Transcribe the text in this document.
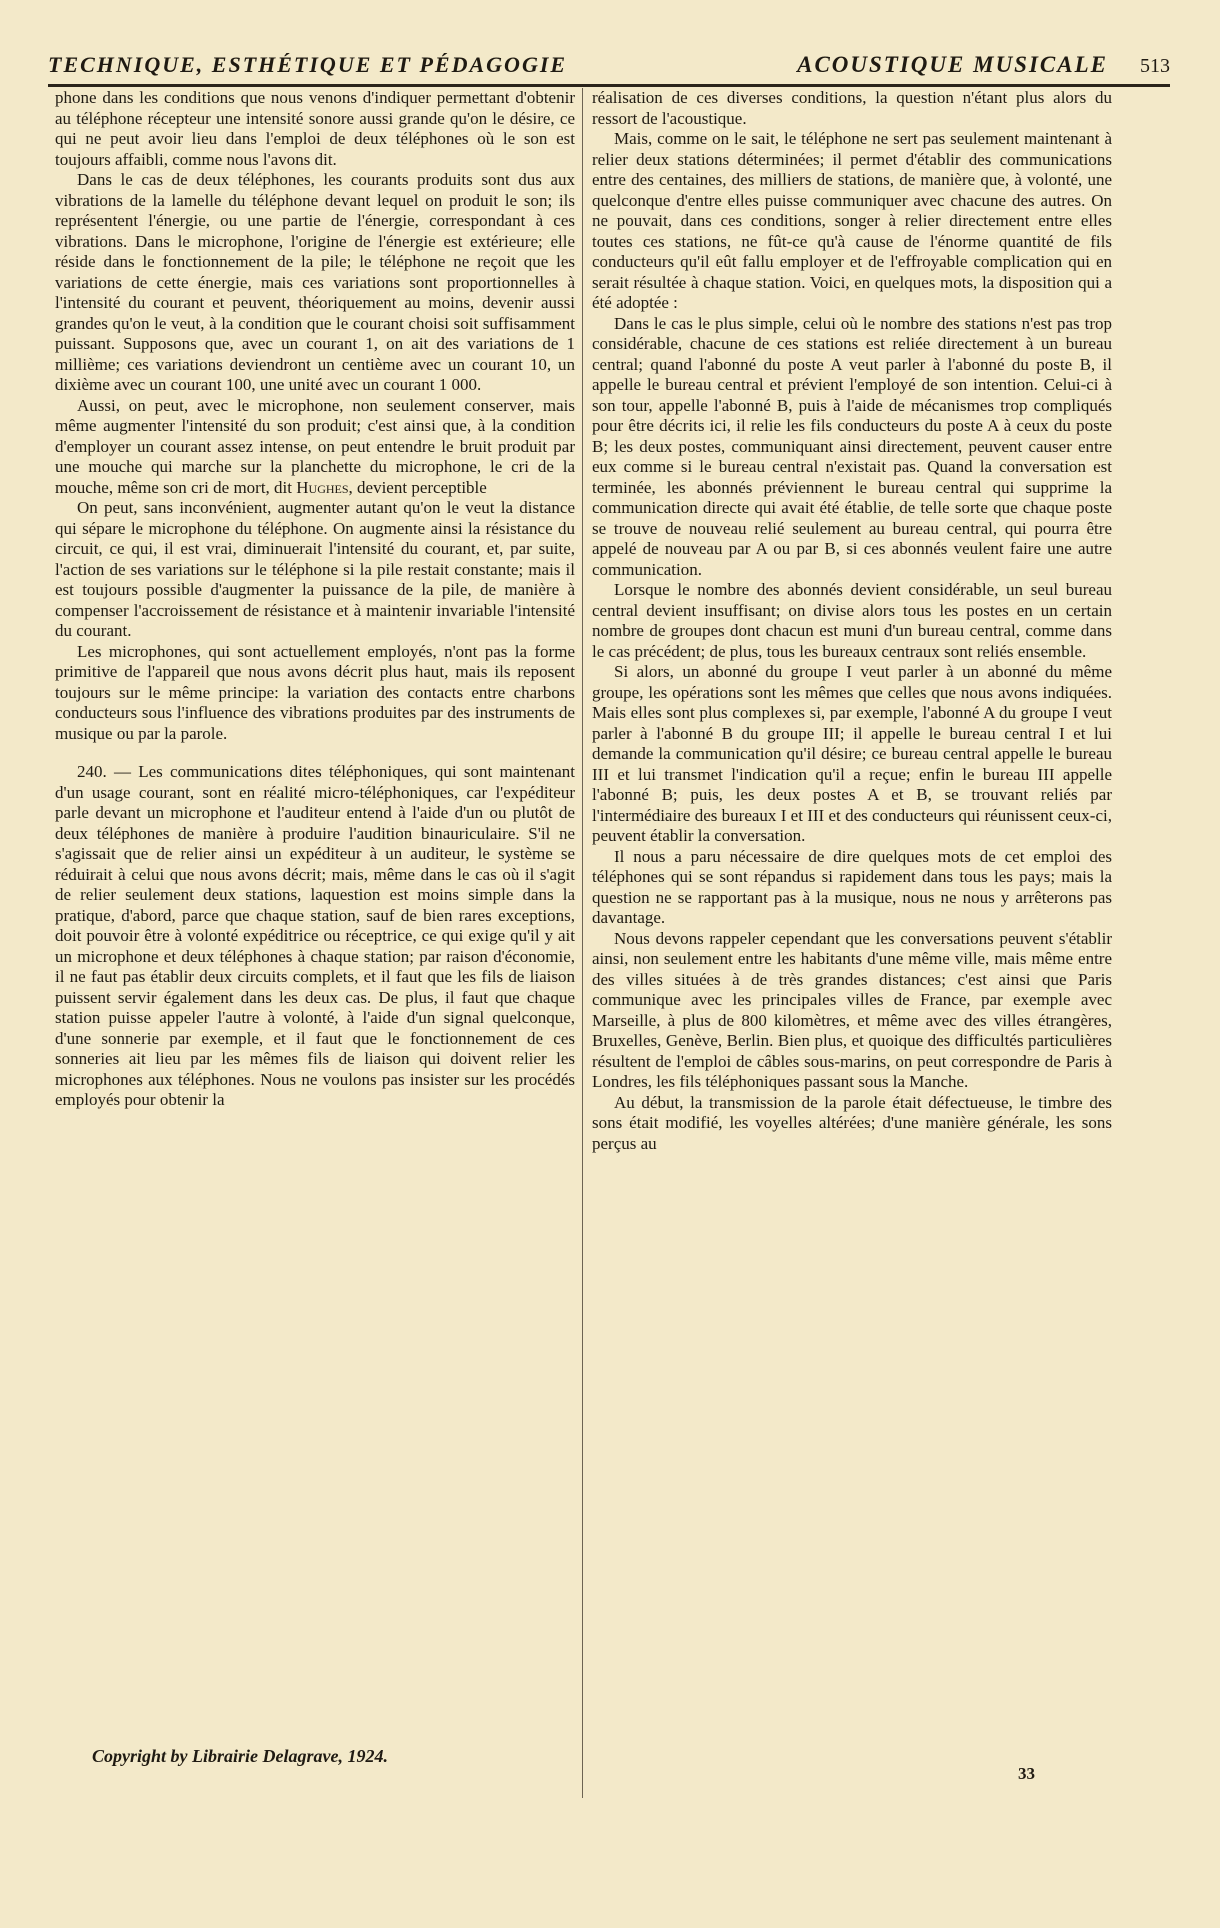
TECHNIQUE, ESTHÉTIQUE ET PÉDAGOGIE	ACOUSTIQUE MUSICALE 513

phone dans les conditions que nous venons d'indiquer permettant d'obtenir au téléphone récepteur une intensité sonore aussi grande qu'on le désire, ce qui ne peut avoir lieu dans l'emploi de deux téléphones où le son est toujours affaibli, comme nous l'avons dit.

Dans le cas de deux téléphones, les courants produits sont dus aux vibrations de la lamelle du téléphone devant lequel on produit le son; ils représentent l'énergie, ou une partie de l'énergie, correspondant à ces vibrations. Dans le microphone, l'origine de l'énergie est extérieure; elle réside dans le fonctionnement de la pile; le téléphone ne reçoit que les variations de cette énergie, mais ces variations sont proportionnelles à l'intensité du courant et peuvent, théoriquement au moins, devenir aussi grandes qu'on le veut, à la condition que le courant choisi soit suffisamment puissant. Supposons que, avec un courant 1, on ait des variations de 1 millième; ces variations deviendront un centième avec un courant 10, un dixième avec un courant 100, une unité avec un courant 1 000.

Aussi, on peut, avec le microphone, non seulement conserver, mais même augmenter l'intensité du son produit; c'est ainsi que, à la condition d'employer un courant assez intense, on peut entendre le bruit produit par une mouche qui marche sur la planchette du microphone, le cri de la mouche, même son cri de mort, dit Hughes, devient perceptible

On peut, sans inconvénient, augmenter autant qu'on le veut la distance qui sépare le microphone du téléphone. On augmente ainsi la résistance du circuit, ce qui, il est vrai, diminuerait l'intensité du courant, et, par suite, l'action de ses variations sur le téléphone si la pile restait constante; mais il est toujours possible d'augmenter la puissance de la pile, de manière à compenser l'accroissement de résistance et à maintenir invariable l'intensité du courant.

Les microphones, qui sont actuellement employés, n'ont pas la forme primitive de l'appareil que nous avons décrit plus haut, mais ils reposent toujours sur le même principe: la variation des contacts entre charbons conducteurs sous l'influence des vibrations produites par des instruments de musique ou par la parole.

240. — Les communications dites téléphoniques, qui sont maintenant d'un usage courant, sont en réalité micro-téléphoniques, car l'expéditeur parle devant un microphone et l'auditeur entend à l'aide d'un ou plutôt de deux téléphones de manière à produire l'audition binauriculaire. S'il ne s'agissait que de relier ainsi un expéditeur à un auditeur, le système se réduirait à celui que nous avons décrit; mais, même dans le cas où il s'agit de relier seulement deux stations, laquestion est moins simple dans la pratique, d'abord, parce que chaque station, sauf de bien rares exceptions, doit pouvoir être à volonté expéditrice ou réceptrice, ce qui exige qu'il y ait un microphone et deux téléphones à chaque station; par raison d'économie, il ne faut pas établir deux circuits complets, et il faut que les fils de liaison puissent servir également dans les deux cas. De plus, il faut que chaque station puisse appeler l'autre à volonté, à l'aide d'un signal quelconque, d'une sonnerie par exemple, et il faut que le fonctionnement de ces sonneries ait lieu par les mêmes fils de liaison qui doivent relier les microphones aux téléphones. Nous ne voulons pas insister sur les procédés employés pour obtenir la

réalisation de ces diverses conditions, la question n'étant plus alors du ressort de l'acoustique.

Mais, comme on le sait, le téléphone ne sert pas seulement maintenant à relier deux stations déterminées; il permet d'établir des communications entre des centaines, des milliers de stations, de manière que, à volonté, une quelconque d'entre elles puisse communiquer avec chacune des autres. On ne pouvait, dans ces conditions, songer à relier directement entre elles toutes ces stations, ne fût-ce qu'à cause de l'énorme quantité de fils conducteurs qu'il eût fallu employer et de l'effroyable complication qui en serait résultée à chaque station. Voici, en quelques mots, la disposition qui a été adoptée :

Dans le cas le plus simple, celui où le nombre des stations n'est pas trop considérable, chacune de ces stations est reliée directement à un bureau central; quand l'abonné du poste A veut parler à l'abonné du poste B, il appelle le bureau central et prévient l'employé de son intention. Celui-ci à son tour, appelle l'abonné B, puis à l'aide de mécanismes trop compliqués pour être décrits ici, il relie les fils conducteurs du poste A à ceux du poste B; les deux postes, communiquant ainsi directement, peuvent causer entre eux comme si le bureau central n'existait pas. Quand la conversation est terminée, les abonnés préviennent le bureau central qui supprime la communication directe qui avait été établie, de telle sorte que chaque poste se trouve de nouveau relié seulement au bureau central, qui pourra être appelé de nouveau par A ou par B, si ces abonnés veulent faire une autre communication.

Lorsque le nombre des abonnés devient considérable, un seul bureau central devient insuffisant; on divise alors tous les postes en un certain nombre de groupes dont chacun est muni d'un bureau central, comme dans le cas précédent; de plus, tous les bureaux centraux sont reliés ensemble.

Si alors, un abonné du groupe I veut parler à un abonné du même groupe, les opérations sont les mêmes que celles que nous avons indiquées. Mais elles sont plus complexes si, par exemple, l'abonné A du groupe I veut parler à l'abonné B du groupe III; il appelle le bureau central I et lui demande la communication qu'il désire; ce bureau central appelle le bureau III et lui transmet l'indication qu'il a reçue; enfin le bureau III appelle l'abonné B; puis, les deux postes A et B, se trouvant reliés par l'intermédiaire des bureaux I et III et des conducteurs qui réunissent ceux-ci, peuvent établir la conversation.

Il nous a paru nécessaire de dire quelques mots de cet emploi des téléphones qui se sont répandus si rapidement dans tous les pays; mais la question ne se rapportant pas à la musique, nous ne nous y arrêterons pas davantage.

Nous devons rappeler cependant que les conversations peuvent s'établir ainsi, non seulement entre les habitants d'une même ville, mais même entre des villes situées à de très grandes distances; c'est ainsi que Paris communique avec les principales villes de France, par exemple avec Marseille, à plus de 800 kilomètres, et même avec des villes étrangères, Bruxelles, Genève, Berlin. Bien plus, et quoique des difficultés particulières résultent de l'emploi de câbles sous-marins, on peut correspondre de Paris à Londres, les fils téléphoniques passant sous la Manche.

Au début, la transmission de la parole était défectueuse, le timbre des sons était modifié, les voyelles altérées; d'une manière générale, les sons perçus au

Copyright by Librairie Delagrave, 1924.
33
